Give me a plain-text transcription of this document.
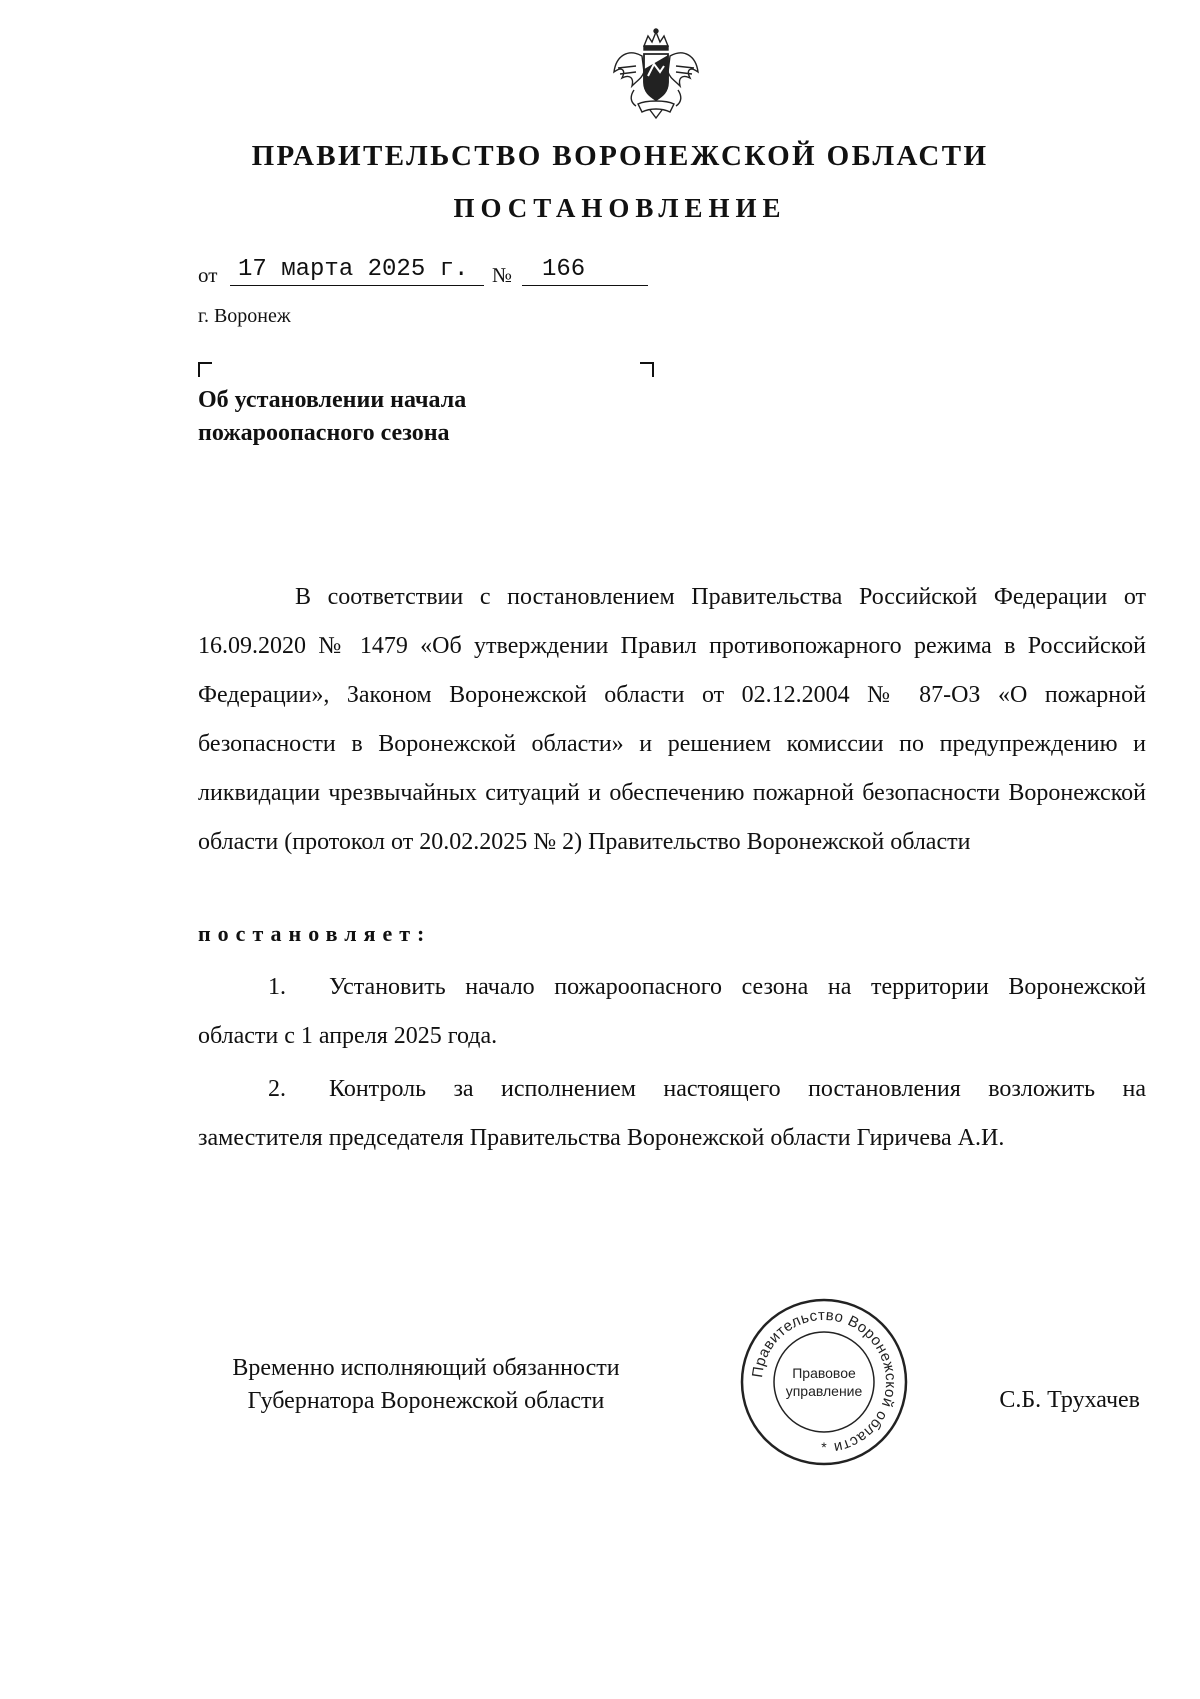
ПРАВИТЕЛЬСТВО ВОРОНЕЖСКОЙ ОБЛАСТИ
ПОСТАНОВЛЕНИЕ
от 17 марта 2025 г.	№	166
г. Воронеж
Об установлении начала
пожароопасного сезона

В соответствии с постановлением Правительства Российской Федерации от 16.09.2020 № 1479 «Об утверждении Правил противопожарного режима в Российской Федерации», Законом Воронежской области от 02.12.2004 № 87-ОЗ «О пожарной безопасности в Воронежской области» и решением комиссии по предупреждению и ликвидации чрезвычайных ситуаций и обеспечению пожарной безопасности Воронежской области (протокол от 20.02.2025 № 2) Правительство Воронежской области

постановляет:
1.	Установить начало пожароопасного сезона на территории Воронежской области с 1 апреля 2025 года.

2.	Контроль за исполнением настоящего постановления возложить на заместителя председателя Правительства Воронежской области Гиричева А.И.

Временно исполняющий обязанности
Губернатора Воронежской области
Правительство Воронежской области
Правовое
управление
*
С.Б. Трухачев
